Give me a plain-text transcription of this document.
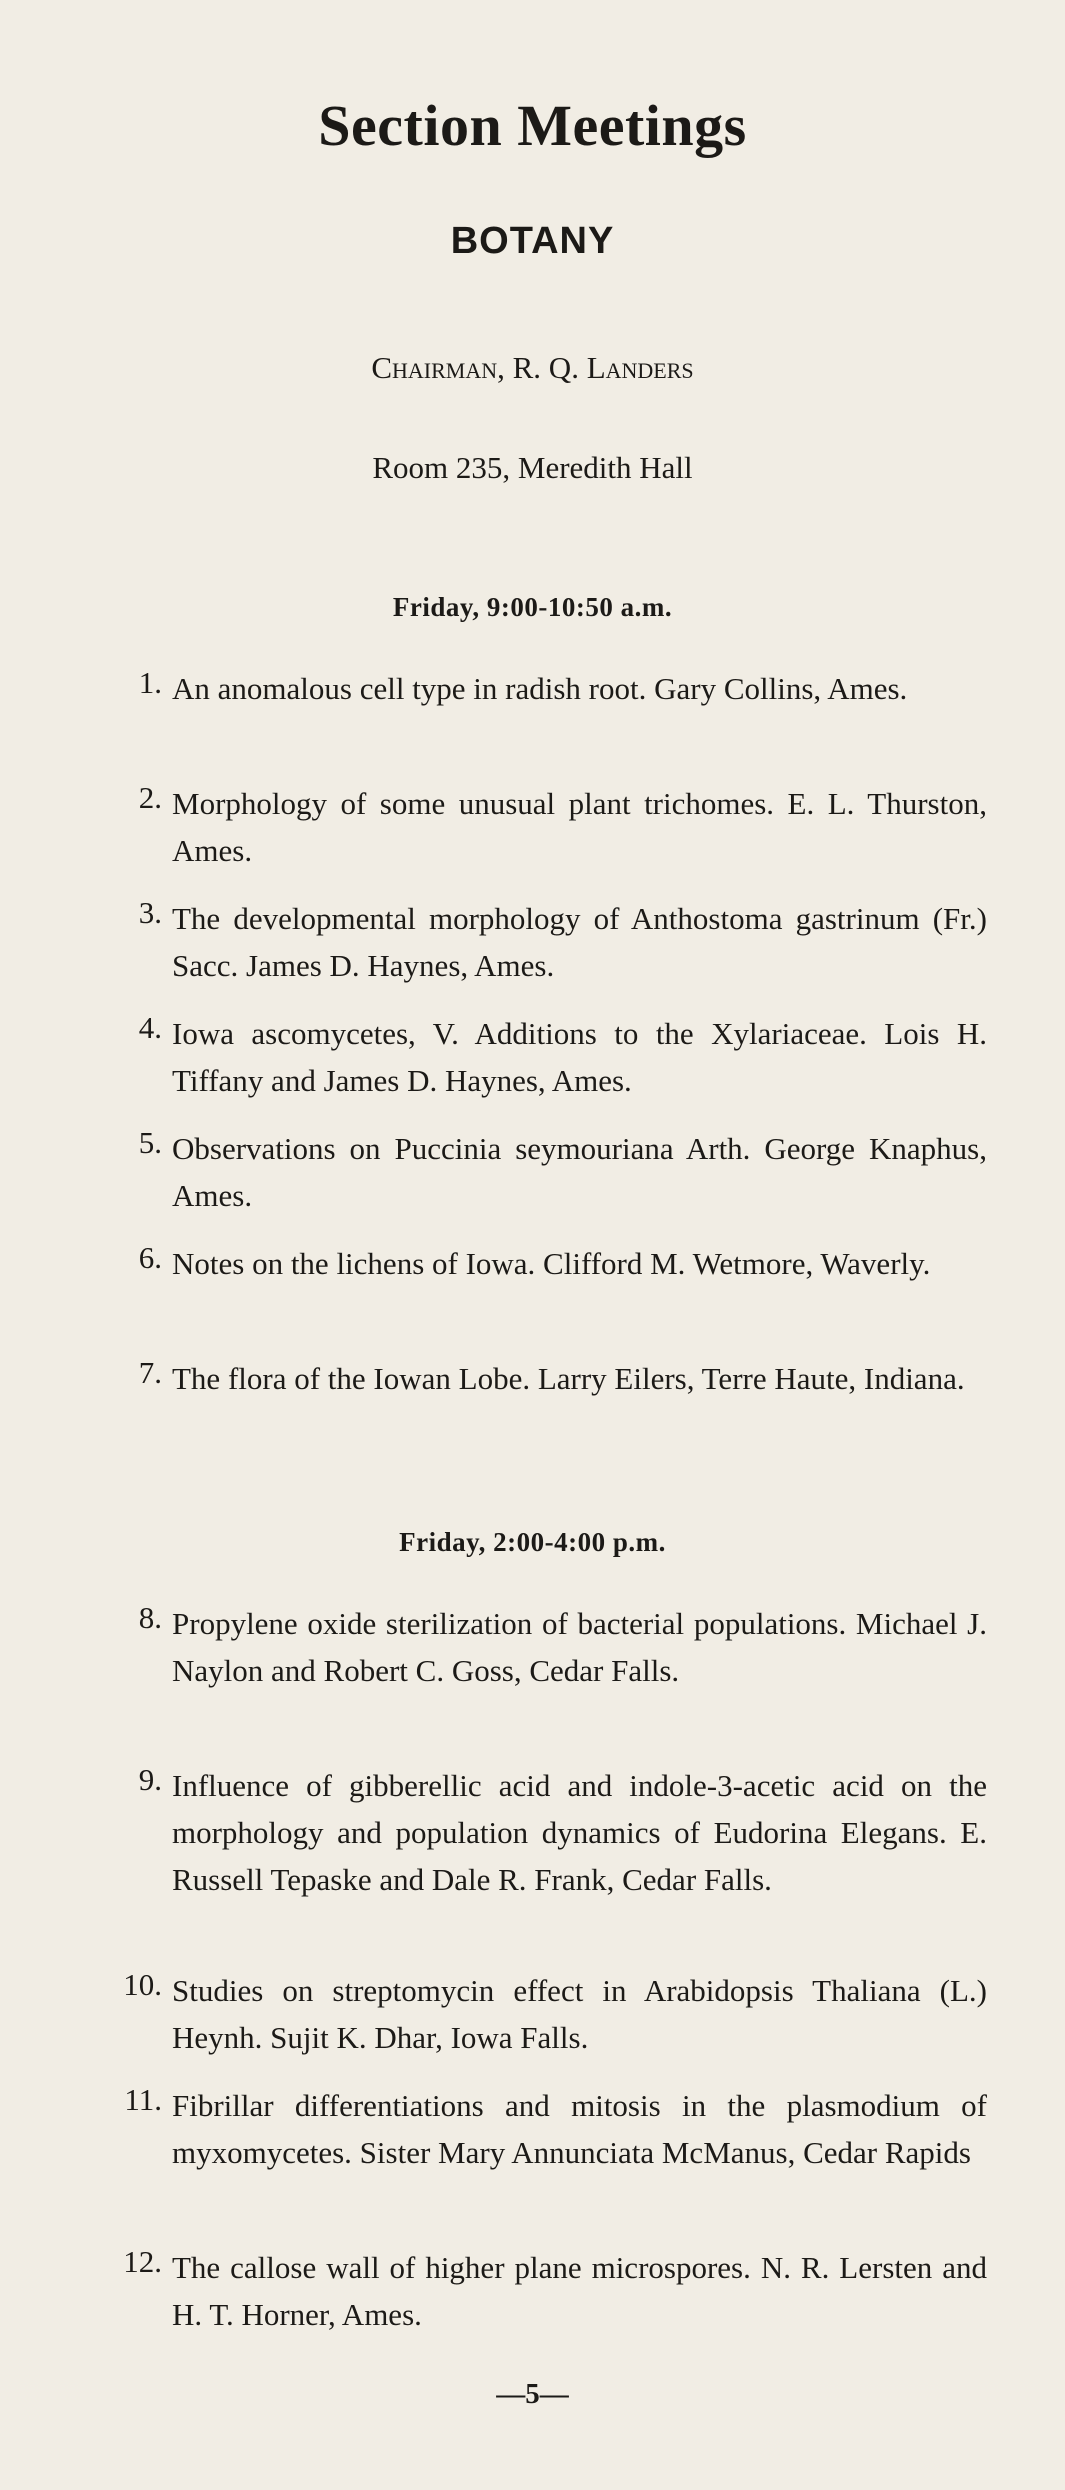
Section Meetings
BOTANY
Chairman, R. Q. Landers
Room 235, Meredith Hall
Friday, 9:00-10:50 a.m.
1. An anomalous cell type in radish root. Gary Collins, Ames.
2. Morphology of some unusual plant trichomes. E. L. Thurston, Ames.
3. The developmental morphology of Anthostoma gastrinum (Fr.) Sacc. James D. Haynes, Ames.
4. Iowa ascomycetes, V. Additions to the Xylariaceae. Lois H. Tiffany and James D. Haynes, Ames.
5. Observations on Puccinia seymouriana Arth. George Knaphus, Ames.
6. Notes on the lichens of Iowa. Clifford M. Wetmore, Waverly.
7. The flora of the Iowan Lobe. Larry Eilers, Terre Haute, Indiana.
Friday, 2:00-4:00 p.m.
8. Propylene oxide sterilization of bacterial populations. Michael J. Naylon and Robert C. Goss, Cedar Falls.
9. Influence of gibberellic acid and indole-3-acetic acid on the morphology and population dynamics of Eudorina Elegans. E. Russell Tepaske and Dale R. Frank, Cedar Falls.
10. Studies on streptomycin effect in Arabidopsis Thaliana (L.) Heynh. Sujit K. Dhar, Iowa Falls.
11. Fibrillar differentiations and mitosis in the plasmodium of myxomycetes. Sister Mary Annunciata McManus, Cedar Rapids
12. The callose wall of higher plane microspores. N. R. Lersten and H. T. Horner, Ames.
—5—
